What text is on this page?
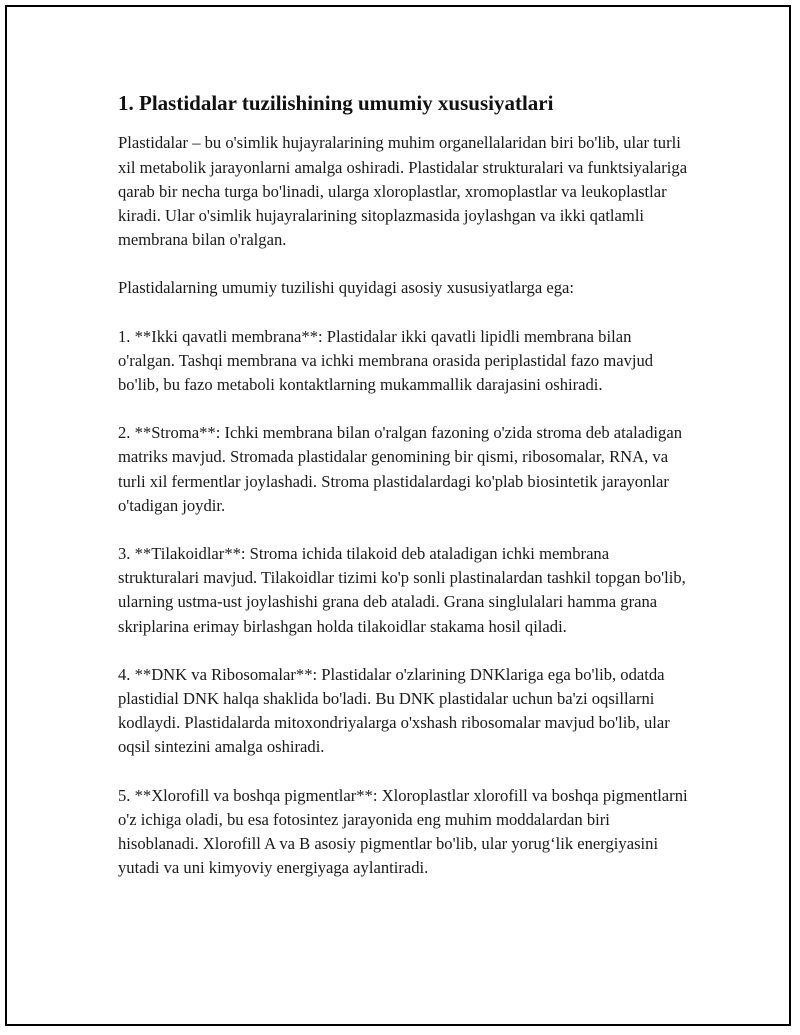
1. Plastidalar tuzilishining umumiy xususiyatlari

Plastidalar – bu o'simlik hujayralarining muhim organellalaridan biri bo'lib, ular turli xil metabolik jarayonlarni amalga oshiradi. Plastidalar strukturalari va funktsiyalariga qarab bir necha turga bo'linadi, ularga xloroplastlar, xromoplastlar va leukoplastlar kiradi. Ular o'simlik hujayralarining sitoplazmasida joylashgan va ikki qatlamli membrana bilan o'ralgan.

Plastidalarning umumiy tuzilishi quyidagi asosiy xususiyatlarga ega:

1. **Ikki qavatli membrana**: Plastidalar ikki qavatli lipidli membrana bilan o'ralgan. Tashqi membrana va ichki membrana orasida periplastidal fazo mavjud bo'lib, bu fazo metaboli kontaktlarning mukammallik darajasini oshiradi.

2. **Stroma**: Ichki membrana bilan o'ralgan fazoning o'zida stroma deb ataladigan matriks mavjud. Stromada plastidalar genomining bir qismi, ribosomalar, RNA, va turli xil fermentlar joylashadi. Stroma plastidalardagi ko'plab biosintetik jarayonlar o'tadigan joydir.

3. **Tilakoidlar**: Stroma ichida tilakoid deb ataladigan ichki membrana strukturalari mavjud. Tilakoidlar tizimi ko'p sonli plastinalardan tashkil topgan bo'lib, ularning ustma-ust joylashishi grana deb ataladi. Grana singlulalari hamma grana skriplarina erimay birlashgan holda tilakoidlar stakama hosil qiladi.

4. **DNK va Ribosomalar**: Plastidalar o'zlarining DNKlariga ega bo'lib, odatda plastidial DNK halqa shaklida bo'ladi. Bu DNK plastidalar uchun ba'zi oqsillarni kodlaydi. Plastidalarda mitoxondriyalarga o'xshash ribosomalar mavjud bo'lib, ular oqsil sintezini amalga oshiradi.

5. **Xlorofill va boshqa pigmentlar**: Xloroplastlar xlorofill va boshqa pigmentlarni o'z ichiga oladi, bu esa fotosintez jarayonida eng muhim moddalardan biri hisoblanadi. Xlorofill A va B asosiy pigmentlar bo'lib, ular yorug‘lik energiyasini yutadi va uni kimyoviy energiyaga aylantiradi.
